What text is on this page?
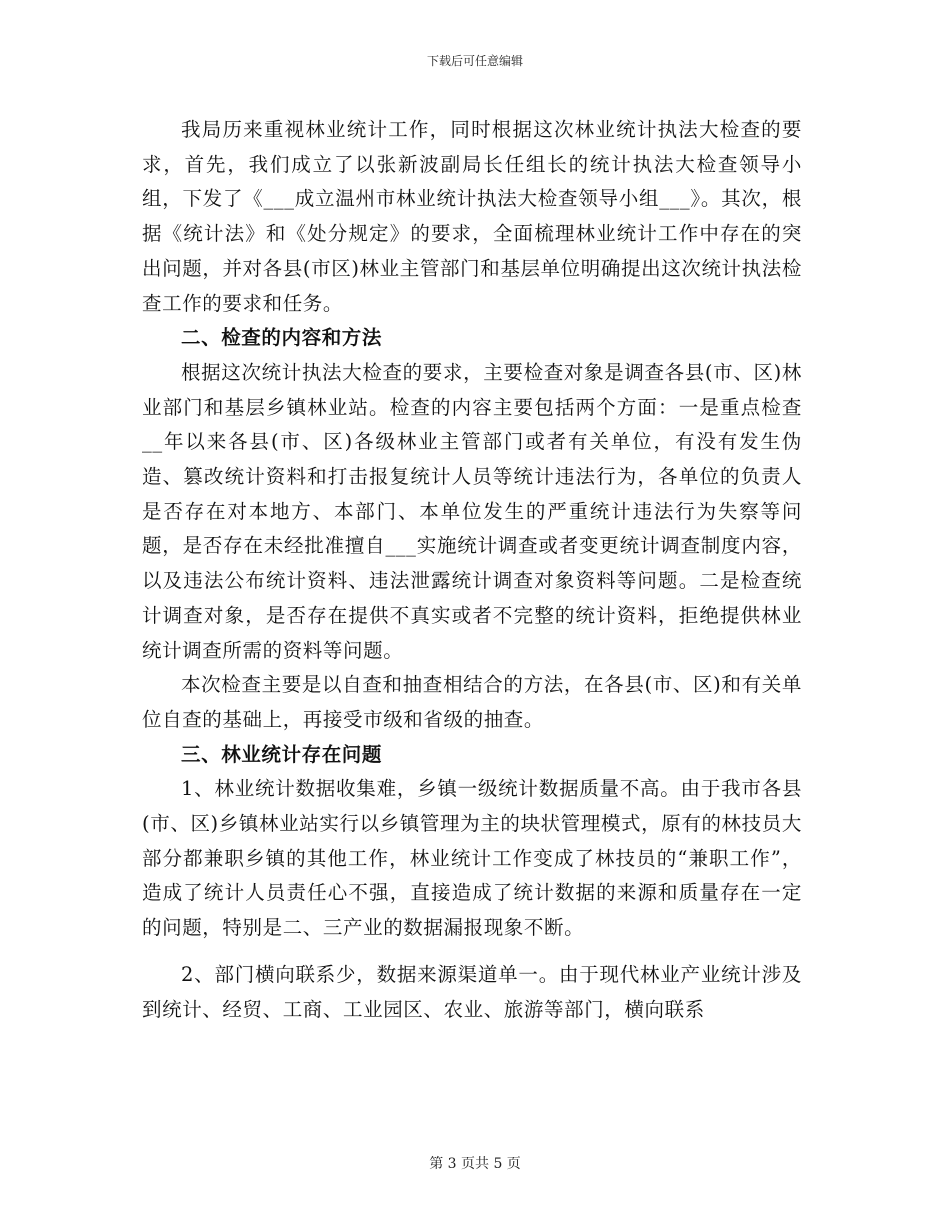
下载后可任意编辑

我局历来重视林业统计工作，同时根据这次林业统计执法大检查的要求，首先，我们成立了以张新波副局长任组长的统计执法大检查领导小组，下发了《___成立温州市林业统计执法大检查领导小组___》。其次，根据《统计法》和《处分规定》的要求，全面梳理林业统计工作中存在的突出问题，并对各县(市区)林业主管部门和基层单位明确提出这次统计执法检查工作的要求和任务。

二、检查的内容和方法

根据这次统计执法大检查的要求，主要检查对象是调查各县(市、区)林业部门和基层乡镇林业站。检查的内容主要包括两个方面：一是重点检查__年以来各县(市、区)各级林业主管部门或者有关单位，有没有发生伪造、篡改统计资料和打击报复统计人员等统计违法行为，各单位的负责人是否存在对本地方、本部门、本单位发生的严重统计违法行为失察等问题，是否存在未经批准擅自___实施统计调查或者变更统计调查制度内容，以及违法公布统计资料、违法泄露统计调查对象资料等问题。二是检查统计调查对象，是否存在提供不真实或者不完整的统计资料，拒绝提供林业统计调查所需的资料等问题。

本次检查主要是以自查和抽查相结合的方法，在各县(市、区)和有关单位自查的基础上，再接受市级和省级的抽查。

三、林业统计存在问题

1、林业统计数据收集难，乡镇一级统计数据质量不高。由于我市各县(市、区)乡镇林业站实行以乡镇管理为主的块状管理模式，原有的林技员大部分都兼职乡镇的其他工作，林业统计工作变成了林技员的“兼职工作”，造成了统计人员责任心不强，直接造成了统计数据的来源和质量存在一定的问题，特别是二、三产业的数据漏报现象不断。

2、部门横向联系少，数据来源渠道单一。由于现代林业产业统计涉及到统计、经贸、工商、工业园区、农业、旅游等部门，横向联系

第 3 页共 5 页
